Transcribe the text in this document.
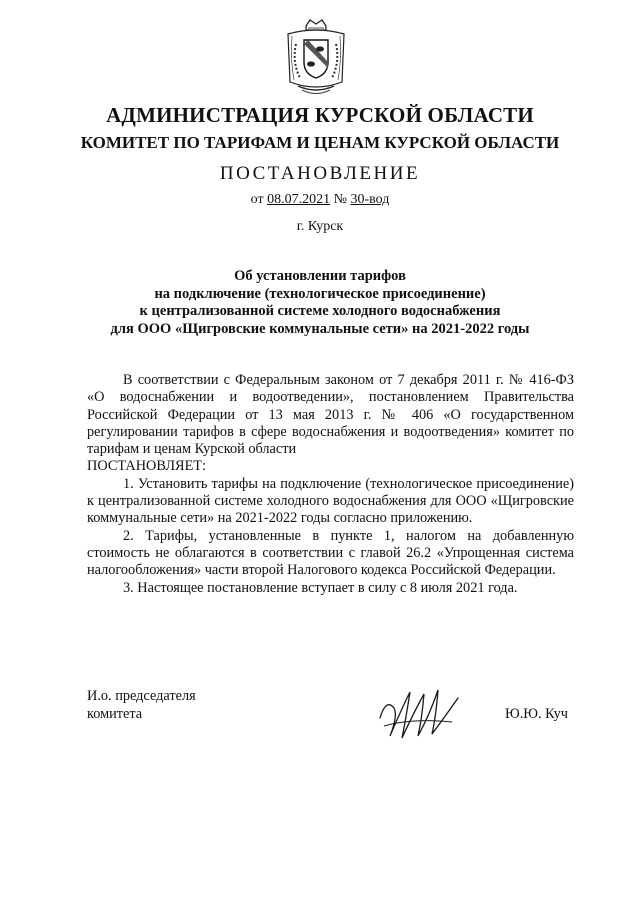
АДМИНИСТРАЦИЯ КУРСКОЙ ОБЛАСТИ
КОМИТЕТ ПО ТАРИФАМ И ЦЕНАМ КУРСКОЙ ОБЛАСТИ
ПОСТАНОВЛЕНИЕ
от 08.07.2021 № 30-вод
г. Курск
Об установлении тарифов
на подключение (технологическое присоединение)
к централизованной системе холодного водоснабжения
для ООО «Щигровские коммунальные сети» на 2021-2022 годы

В соответствии с Федеральным законом от 7 декабря 2011 г. № 416-ФЗ «О водоснабжении и водоотведении», постановлением Правительства Российской Федерации от 13 мая 2013 г. № 406 «О государственном регулировании тарифов в сфере водоснабжения и водоотведения» комитет по тарифам и ценам Курской области

ПОСТАНОВЛЯЕТ:

1. Установить тарифы на подключение (технологическое присоединение) к централизованной системе холодного водоснабжения для ООО «Щигровские коммунальные сети» на 2021-2022 годы согласно приложению.

2. Тарифы, установленные в пункте 1, налогом на добавленную стоимость не облагаются в соответствии с главой 26.2 «Упрощенная система налогообложения» части второй Налогового кодекса Российской Федерации.

3. Настоящее постановление вступает в силу с 8 июля 2021 года.

И.о. председателя
комитета	Ю.Ю. Куч
